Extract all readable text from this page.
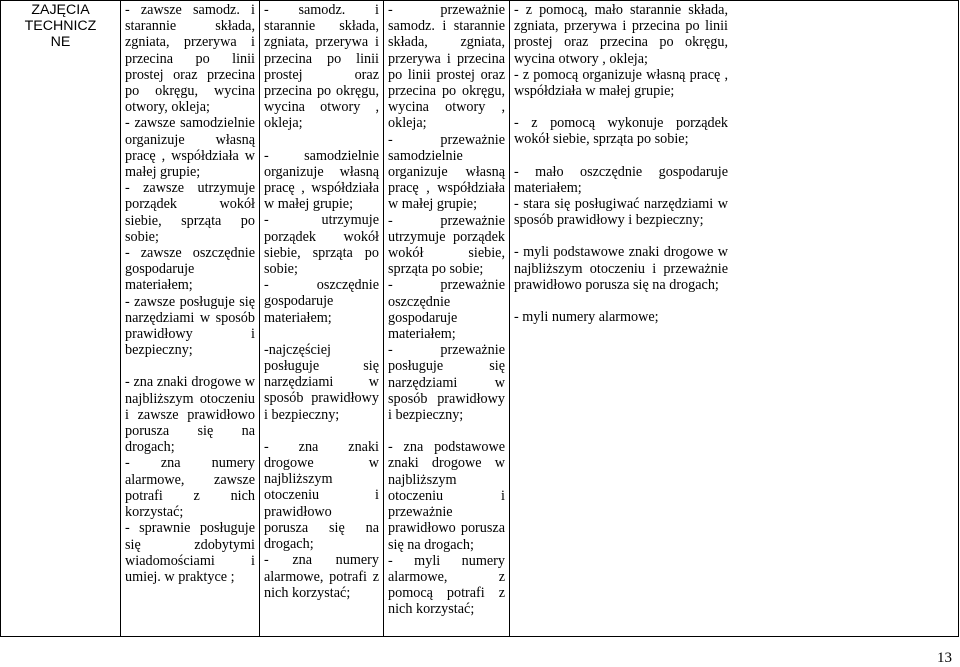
ZAJĘCIA
TECHNICZ
NE	
- zawsze samodz. i starannie składa, zgniata, przerywa i przecina po linii prostej oraz przecina po okręgu, wycina otwory, okleja;
- zawsze samodzielnie organizuje własną pracę , współdziała w małej grupie;
- zawsze utrzymuje porządek wokół siebie, sprząta po sobie;
- zawsze oszczędnie gospodaruje materiałem;
- zawsze posługuje się narzędziami w sposób prawidłowy i bezpieczny;
- zna znaki drogowe w najbliższym otoczeniu i zawsze prawidłowo porusza się na drogach;
- zna numery alarmowe, zawsze potrafi z nich korzystać;
- sprawnie posługuje się zdobytymi wiadomościami i umiej. w praktyce ;

- samodz. i starannie składa, zgniata, przerywa i przecina po linii prostej oraz przecina po okręgu, wycina otwory , okleja;
- samodzielnie organizuje własną pracę , współdziała w małej grupie;
- utrzymuje porządek wokół siebie, sprząta po sobie;
- oszczędnie gospodaruje materiałem;
-najczęściej posługuje się narzędziami w sposób prawidłowy i bezpieczny;
- zna znaki drogowe w najbliższym otoczeniu i prawidłowo porusza się na drogach;
- zna numery alarmowe, potrafi z nich korzystać;

- przeważnie samodz. i starannie składa, zgniata, przerywa i przecina po linii prostej oraz przecina po okręgu, wycina otwory , okleja;
- przeważnie samodzielnie organizuje własną pracę , współdziała w małej grupie;
- przeważnie utrzymuje porządek wokół siebie, sprząta po sobie;
- przeważnie oszczędnie gospodaruje materiałem;
- przeważnie posługuje się narzędziami w sposób prawidłowy i bezpieczny;
- zna podstawowe znaki drogowe w najbliższym otoczeniu i przeważnie prawidłowo porusza się na drogach;
- myli numery alarmowe, z pomocą potrafi z nich korzystać;

- z pomocą, mało starannie składa, zgniata, przerywa i przecina po linii prostej oraz przecina po okręgu, wycina otwory , okleja;
- z pomocą organizuje własną pracę , współdziała w małej grupie;
- z pomocą wykonuje porządek wokół siebie, sprząta po sobie;
- mało oszczędnie gospodaruje materiałem;
- stara się posługiwać narzędziami w sposób prawidłowy i bezpieczny;
- myli podstawowe znaki drogowe w najbliższym otoczeniu i przeważnie prawidłowo porusza się na drogach;
- myli numery alarmowe;
13
